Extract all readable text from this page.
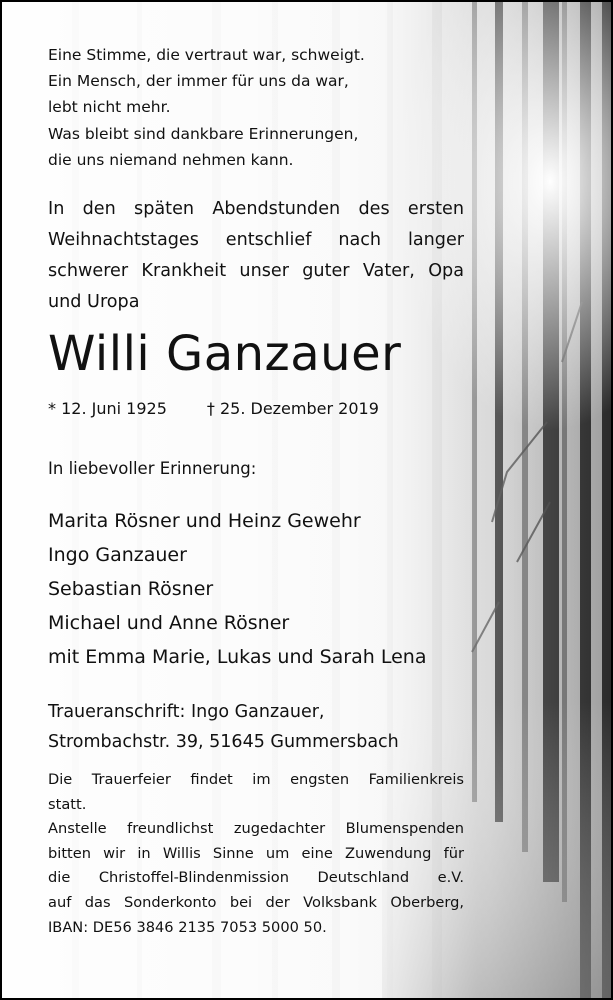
Eine Stimme, die vertraut war, schweigt.
Ein Mensch, der immer für uns da war,
lebt nicht mehr.
Was bleibt sind dankbare Erinnerungen,
die uns niemand nehmen kann.
In den späten Abendstunden des ersten
Weihnachtstages entschlief nach langer
schwerer Krankheit unser guter Vater, Opa
und Uropa
Willi Ganzauer
* 12. Juni 1925	† 25. Dezember 2019
In liebevoller Erinnerung:
Marita Rösner und Heinz Gewehr
Ingo Ganzauer
Sebastian Rösner
Michael und Anne Rösner
mit Emma Marie, Lukas und Sarah Lena
Traueranschrift: Ingo Ganzauer,
Strombachstr. 39, 51645 Gummersbach
Die Trauerfeier findet im engsten Familienkreis
statt.
Anstelle freundlichst zugedachter Blumenspenden
bitten wir in Willis Sinne um eine Zuwendung für
die Christoffel-Blindenmission Deutschland e.V.
auf das Sonderkonto bei der Volksbank Oberberg,
IBAN: DE56 3846 2135 7053 5000 50.
